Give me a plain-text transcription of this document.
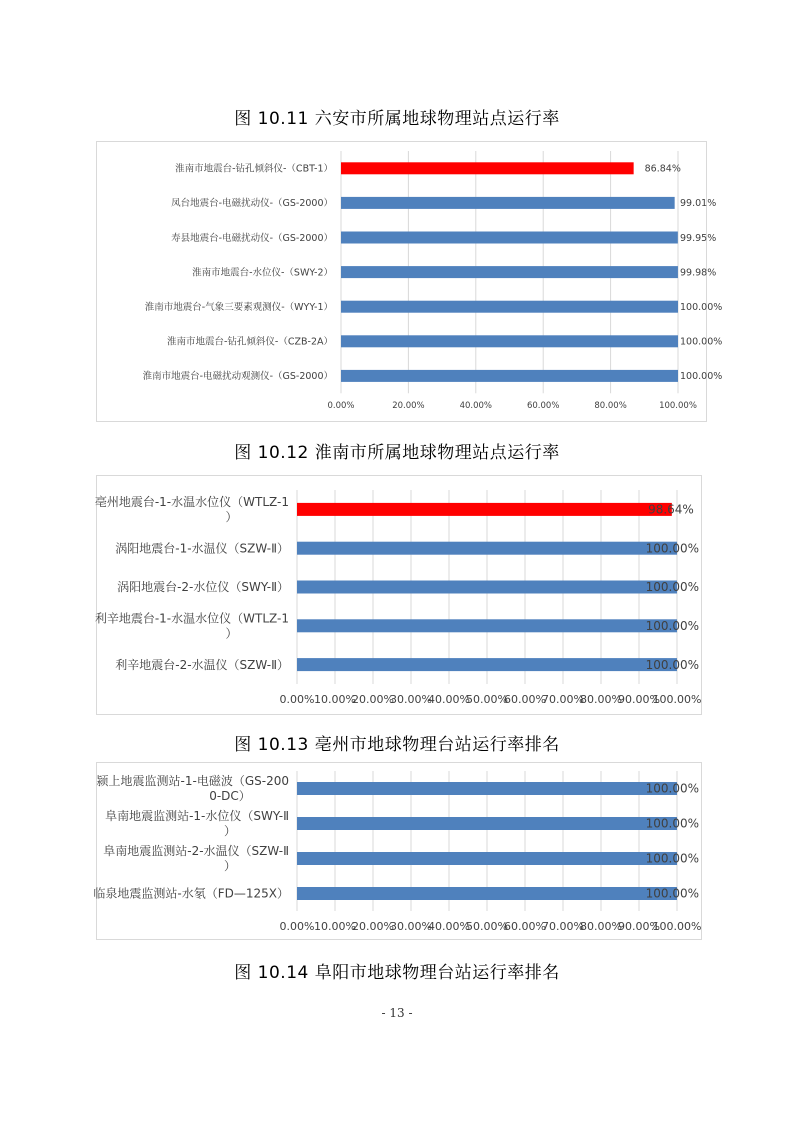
图 10.11 六安市所属地球物理站点运行率
0.00%	20.00%	40.00%	60.00%	80.00%	100.00%
淮南市地震台-钻孔倾斜仪-（CBT-1）	86.84%
凤台地震台-电磁扰动仪-（GS-2000）	99.01%
寿县地震台-电磁扰动仪-（GS-2000）	99.95%
淮南市地震台-水位仪-（SWY-2）	99.98%
淮南市地震台-气象三要素观测仪-（WYY-1）	100.00%
淮南市地震台-钻孔倾斜仪-（CZB-2A）	100.00%
淮南市地震台-电磁扰动观测仪-（GS-2000）	100.00%
图 10.12 淮南市所属地球物理站点运行率
0.00% 10.00%
20.00%
30.00%
40.00%
50.00%
60.00%
70.00%
80.00%
90.00%
100.00%
亳州地震台-1-水温水位仪（WTLZ-1 ）
98.64%
涡阳地震台-1-水温仪（SZW-Ⅱ）	100.00%
涡阳地震台-2-水位仪（SWY-Ⅱ）	100.00%
利辛地震台-1-水温水位仪（WTLZ-1 ）
100.00%
利辛地震台-2-水温仪（SZW-Ⅱ）	100.00%
图 10.13 亳州市地球物理台站运行率排名
0.00% 10.00%
20.00%
30.00%
40.00%
50.00%
60.00%
70.00%
80.00%
90.00%
100.00%
颍上地震监测站-1-电磁波（GS-200 0-DC）
100.00%
阜南地震监测站-1-水位仪（SWY-Ⅱ ）
100.00%
阜南地震监测站-2-水温仪（SZW-Ⅱ ）
100.00%
临泉地震监测站-水氡（FD—125X）	100.00%
图 10.14 阜阳市地球物理台站运行率排名
- 13 -
